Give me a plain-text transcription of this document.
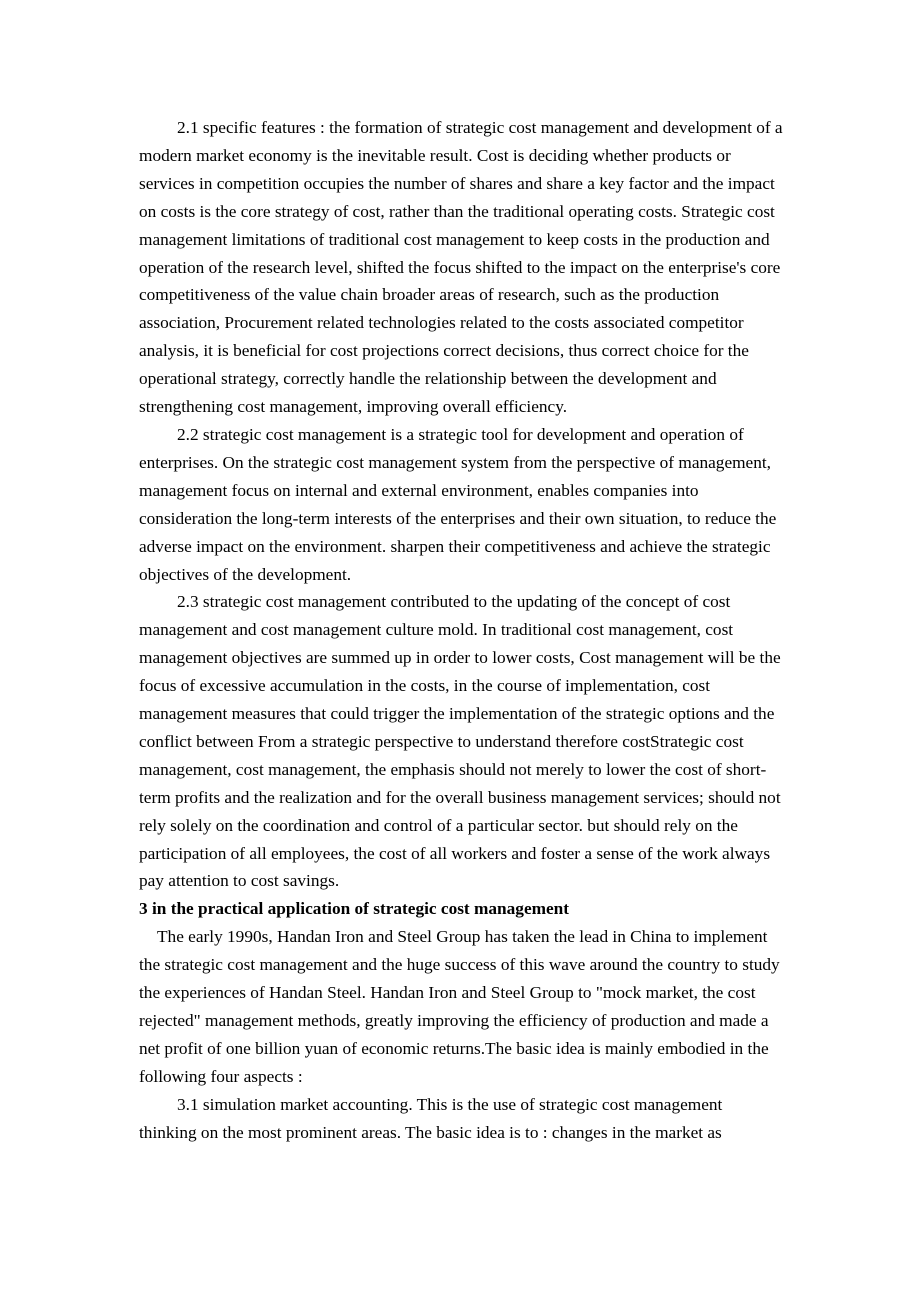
2.1 specific features : the formation of strategic cost management and development of a modern market economy is the inevitable result. Cost is deciding whether products or services in competition occupies the number of shares and share a key factor and the impact on costs is the core strategy of cost, rather than the traditional operating costs. Strategic cost management limitations of traditional cost management to keep costs in the production and operation of the research level, shifted the focus shifted to the impact on the enterprise's core competitiveness of the value chain broader areas of research, such as the production association, Procurement related technologies related to the costs associated competitor analysis, it is beneficial for cost projections correct decisions, thus correct choice for the operational strategy, correctly handle the relationship between the development and strengthening cost management, improving overall efficiency.

2.2 strategic cost management is a strategic tool for development and operation of enterprises. On the strategic cost management system from the perspective of management, management focus on internal and external environment, enables companies into consideration the long-term interests of the enterprises and their own situation, to reduce the adverse impact on the environment. sharpen their competitiveness and achieve the strategic objectives of the development.

2.3 strategic cost management contributed to the updating of the concept of cost management and cost management culture mold. In traditional cost management, cost management objectives are summed up in order to lower costs, Cost management will be the focus of excessive accumulation in the costs, in the course of implementation, cost management measures that could trigger the implementation of the strategic options and the conflict between From a strategic perspective to understand therefore costStrategic cost management, cost management, the emphasis should not merely to lower the cost of short-term profits and the realization and for the overall business management services; should not rely solely on the coordination and control of a particular sector. but should rely on the participation of all employees, the cost of all workers and foster a sense of the work always pay attention to cost savings.

3 in the practical application of strategic cost management

The early 1990s, Handan Iron and Steel Group has taken the lead in China to implement the strategic cost management and the huge success of this wave around the country to study the experiences of Handan Steel. Handan Iron and Steel Group to "mock market, the cost rejected" management methods, greatly improving the efficiency of production and made a net profit of one billion yuan of economic returns.The basic idea is mainly embodied in the following four aspects :

3.1 simulation market accounting. This is the use of strategic cost management thinking on the most prominent areas. The basic idea is to : changes in the market as
